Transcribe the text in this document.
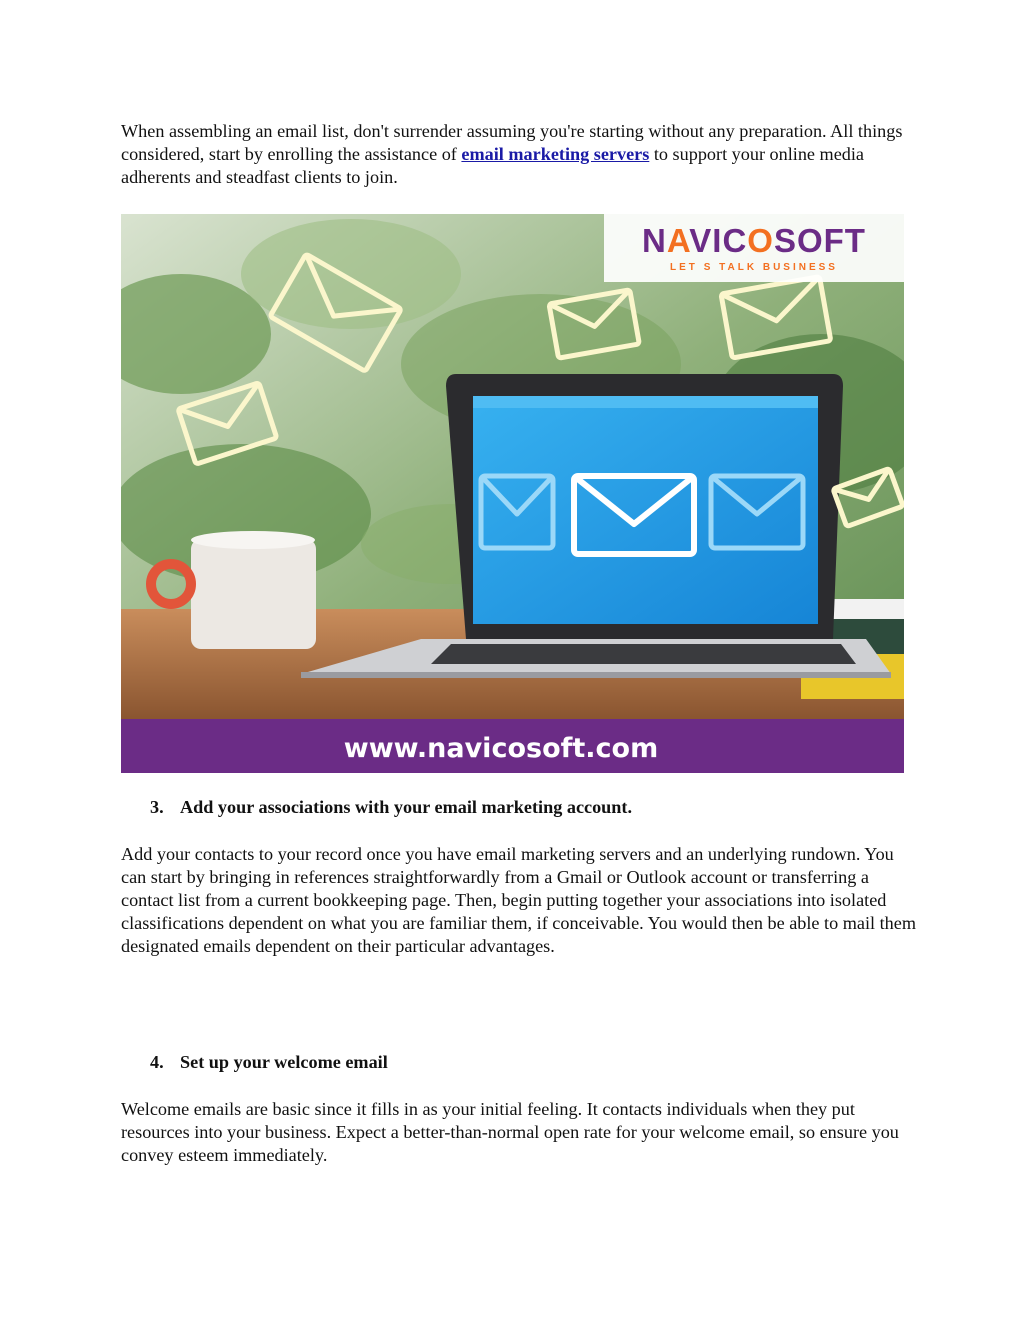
When assembling an email list, don't surrender assuming you're starting without any preparation. All things considered, start by enrolling the assistance of email marketing servers to support your online media adherents and steadfast clients to join.

NAVICOSOFT
LET S TALK BUSINESS
www.navicosoft.com

3. Add your associations with your email marketing account.

Add your contacts to your record once you have email marketing servers and an underlying rundown. You can start by bringing in references straightforwardly from a Gmail or Outlook account or transferring a contact list from a current bookkeeping page. Then, begin putting together your associations into isolated classifications dependent on what you are familiar them, if conceivable. You would then be able to mail them designated emails dependent on their particular advantages.

4. Set up your welcome email

Welcome emails are basic since it fills in as your initial feeling. It contacts individuals when they put resources into your business. Expect a better-than-normal open rate for your welcome email, so ensure you convey esteem immediately.
